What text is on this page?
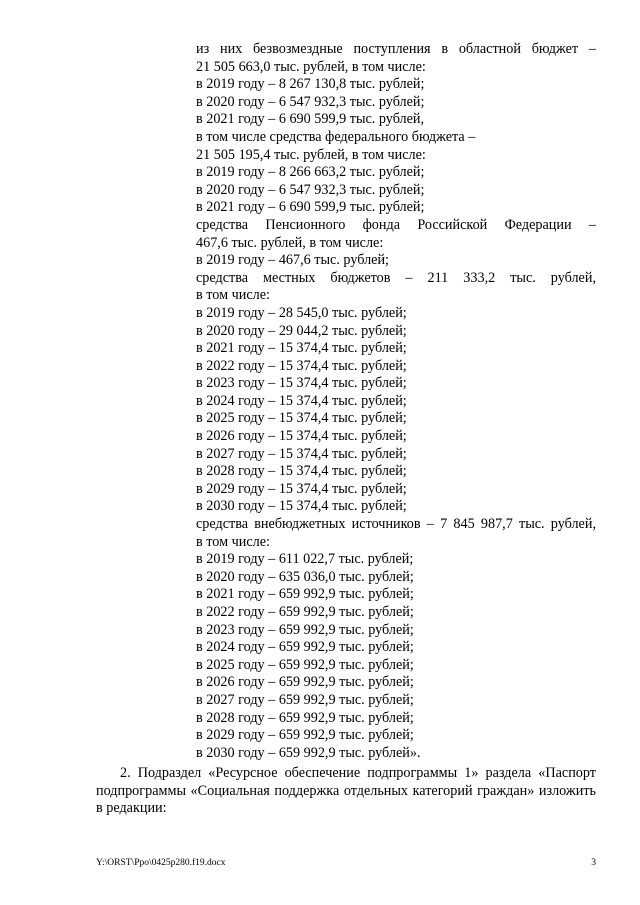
из них безвозмездные поступления в областной бюджет –
21 505 663,0 тыс. рублей, в том числе:
в 2019 году – 8 267 130,8 тыс. рублей;
в 2020 году – 6 547 932,3 тыс. рублей;
в 2021 году – 6 690 599,9 тыс. рублей,
в том числе средства федерального бюджета –
21 505 195,4 тыс. рублей, в том числе:
в 2019 году – 8 266 663,2 тыс. рублей;
в 2020 году – 6 547 932,3 тыс. рублей;
в 2021 году – 6 690 599,9 тыс. рублей;
средства Пенсионного фонда Российской Федерации –
467,6 тыс. рублей, в том числе:
в 2019 году – 467,6 тыс. рублей;
средства местных бюджетов – 211 333,2 тыс. рублей,
в том числе:
в 2019 году – 28 545,0 тыс. рублей;
в 2020 году – 29 044,2 тыс. рублей;
в 2021 году – 15 374,4 тыс. рублей;
в 2022 году – 15 374,4 тыс. рублей;
в 2023 году – 15 374,4 тыс. рублей;
в 2024 году – 15 374,4 тыс. рублей;
в 2025 году – 15 374,4 тыс. рублей;
в 2026 году – 15 374,4 тыс. рублей;
в 2027 году – 15 374,4 тыс. рублей;
в 2028 году – 15 374,4 тыс. рублей;
в 2029 году – 15 374,4 тыс. рублей;
в 2030 году – 15 374,4 тыс. рублей;
средства внебюджетных источников – 7 845 987,7 тыс. рублей,
в том числе:
в 2019 году – 611 022,7 тыс. рублей;
в 2020 году – 635 036,0 тыс. рублей;
в 2021 году – 659 992,9 тыс. рублей;
в 2022 году – 659 992,9 тыс. рублей;
в 2023 году – 659 992,9 тыс. рублей;
в 2024 году – 659 992,9 тыс. рублей;
в 2025 году – 659 992,9 тыс. рублей;
в 2026 году – 659 992,9 тыс. рублей;
в 2027 году – 659 992,9 тыс. рублей;
в 2028 году – 659 992,9 тыс. рублей;
в 2029 году – 659 992,9 тыс. рублей;
в 2030 году – 659 992,9 тыс. рублей».
2. Подраздел «Ресурсное обеспечение подпрограммы 1» раздела «Паспорт
подпрограммы «Социальная поддержка отдельных категорий граждан» изложить
в редакции:
Y:\ORST\Ppo\0425p280.f19.docx	3
